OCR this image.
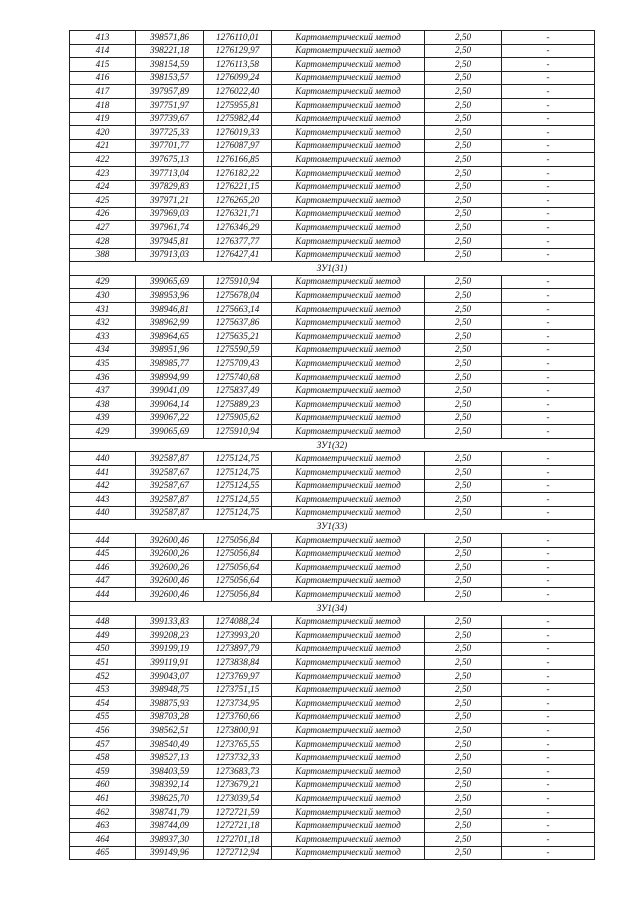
413	398571,86	1276110,01	Картометрический метод	2,50	-
414	398221,18	1276129,97	Картометрический метод	2,50	-
415	398154,59	1276113,58	Картометрический метод	2,50	-
416	398153,57	1276099,24	Картометрический метод	2,50	-
417	397957,89	1276022,40	Картометрический метод	2,50	-
418	397751,97	1275955,81	Картометрический метод	2,50	-
419	397739,67	1275982,44	Картометрический метод	2,50	-
420	397725,33	1276019,33	Картометрический метод	2,50	-
421	397701,77	1276087,97	Картометрический метод	2,50	-
422	397675,13	1276166,85	Картометрический метод	2,50	-
423	397713,04	1276182,22	Картометрический метод	2,50	-
424	397829,83	1276221,15	Картометрический метод	2,50	-
425	397971,21	1276265,20	Картометрический метод	2,50	-
426	397969,03	1276321,71	Картометрический метод	2,50	-
427	397961,74	1276346,29	Картометрический метод	2,50	-
428	397945,81	1276377,77	Картометрический метод	2,50	-
388	397913,03	1276427,41	Картометрический метод	2,50	-
ЗУ1(31)					
429	399065,69	1275910,94	Картометрический метод	2,50	-
430	398953,96	1275678,04	Картометрический метод	2,50	-
431	398946,81	1275663,14	Картометрический метод	2,50	-
432	398962,99	1275637,86	Картометрический метод	2,50	-
433	398964,65	1275635,21	Картометрический метод	2,50	-
434	398951,96	1275590,59	Картометрический метод	2,50	-
435	398985,77	1275709,43	Картометрический метод	2,50	-
436	398994,99	1275740,68	Картометрический метод	2,50	-
437	399041,09	1275837,49	Картометрический метод	2,50	-
438	399064,14	1275889,23	Картометрический метод	2,50	-
439	399067,22	1275905,62	Картометрический метод	2,50	-
429	399065,69	1275910,94	Картометрический метод	2,50	-
ЗУ1(32)					
440	392587,87	1275124,75	Картометрический метод	2,50	-
441	392587,67	1275124,75	Картометрический метод	2,50	-
442	392587,67	1275124,55	Картометрический метод	2,50	-
443	392587,87	1275124,55	Картометрический метод	2,50	-
440	392587,87	1275124,75	Картометрический метод	2,50	-
ЗУ1(33)					
444	392600,46	1275056,84	Картометрический метод	2,50	-
445	392600,26	1275056,84	Картометрический метод	2,50	-
446	392600,26	1275056,64	Картометрический метод	2,50	-
447	392600,46	1275056,64	Картометрический метод	2,50	-
444	392600,46	1275056,84	Картометрический метод	2,50	-
ЗУ1(34)					
448	399133,83	1274088,24	Картометрический метод	2,50	-
449	399208,23	1273993,20	Картометрический метод	2,50	-
450	399199,19	1273897,79	Картометрический метод	2,50	-
451	399119,91	1273838,84	Картометрический метод	2,50	-
452	399043,07	1273769,97	Картометрический метод	2,50	-
453	398948,75	1273751,15	Картометрический метод	2,50	-
454	398875,93	1273734,95	Картометрический метод	2,50	-
455	398703,28	1273760,66	Картометрический метод	2,50	-
456	398562,51	1273800,91	Картометрический метод	2,50	-
457	398540,49	1273765,55	Картометрический метод	2,50	-
458	398527,13	1273732,33	Картометрический метод	2,50	-
459	398403,59	1273683,73	Картометрический метод	2,50	-
460	398392,14	1273679,21	Картометрический метод	2,50	-
461	398625,70	1273039,54	Картометрический метод	2,50	-
462	398741,79	1272721,59	Картометрический метод	2,50	-
463	398744,09	1272721,18	Картометрический метод	2,50	-
464	398937,30	1272701,18	Картометрический метод	2,50	-
465	399149,96	1272712,94	Картометрический метод	2,50	-
